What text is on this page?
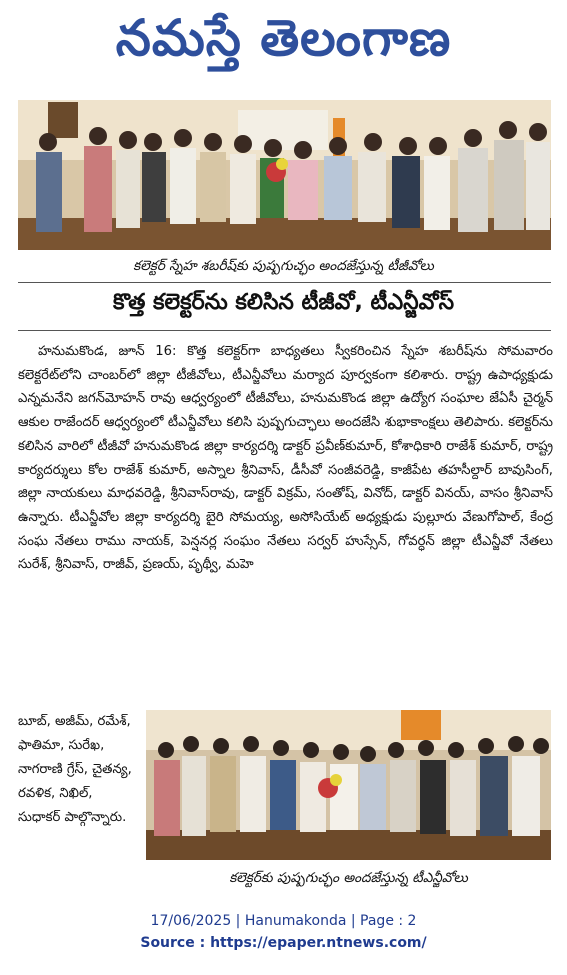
నమస్తే తెలంగాణ
కలెక్టర్ స్నేహ శబరీష్‌కు పుష్పగుచ్ఛం అందజేస్తున్న టీజీవోలు
కొత్త కలెక్టర్‌ను కలిసిన టీజీవో, టీఎన్జీవోస్

హనుమకొండ, జూన్ 16: కొత్త కలెక్టర్‌గా బాధ్యతలు స్వీకరించిన స్నేహ శబరీష్‌ను సోమవారం కలెక్టరేట్‌లోని చాంబర్‌లో జిల్లా టీజీవోలు, టీఎన్జీవోలు మర్యాద పూర్వకంగా కలిశారు. రాష్ట్ర ఉపాధ్యక్షుడు ఎన్నమనేని జగన్‌మోహన్ రావు ఆధ్వర్యంలో టీజీవోలు, హనుమకొండ జిల్లా ఉద్యోగ సంఘాల జేఏసీ చైర్మన్ ఆకుల రాజేందర్ ఆధ్వర్యంలో టీఎన్జీవోలు కలిసి పుష్పగుచ్ఛాలు అందజేసి శుభాకాంక్షలు తెలిపారు. కలెక్టర్‌ను కలిసిన వారిలో టీజీవో హనుమకొండ జిల్లా కార్యదర్శి డాక్టర్ ప్రవీణ్‌కుమార్, కోశాధికారి రాజేశ్ కుమార్, రాష్ట్ర కార్యదర్శులు కోల రాజేశ్ కుమార్, అస్నాల శ్రీనివాస్, డీసీవో సంజీవరెడ్డి, కాజీపేట తహసీల్దార్ బావుసింగ్, జిల్లా నాయకులు మాధవరెడ్డి, శ్రీనివాస్‌రావు, డాక్టర్ విక్రమ్, సంతోష్, వినోద్, డాక్టర్ వినయ్, వాసం శ్రీనివాస్ ఉన్నారు. టీఎన్జీవోల జిల్లా కార్యదర్శి బైరి సోమయ్య, అసోసియేట్ అధ్యక్షుడు పుల్లూరు వేణుగోపాల్, కేంద్ర సంఘ నేతలు రాము నాయక్, పెన్షనర్ల సంఘం నేతలు సర్వర్ హుస్సేన్, గోవర్ధన్ జిల్లా టీఎన్జీవో నేతలు సురేశ్, శ్రీనివాస్, రాజీవ్, ప్రణయ్, పృథ్వీ, మహె

బూబ్, అజీమ్, రమేశ్, ఫాతిమా, సురేఖ, నాగరాణి గ్రేస్, చైతన్య, రవళిక, నిఖిల్, సుధాకర్ పాల్గొన్నారు.
కలెక్టర్‌కు పుష్పగుచ్ఛం అందజేస్తున్న టీఎన్జీవోలు
17/06/2025 | Hanumakonda | Page : 2
Source : https://epaper.ntnews.com/
